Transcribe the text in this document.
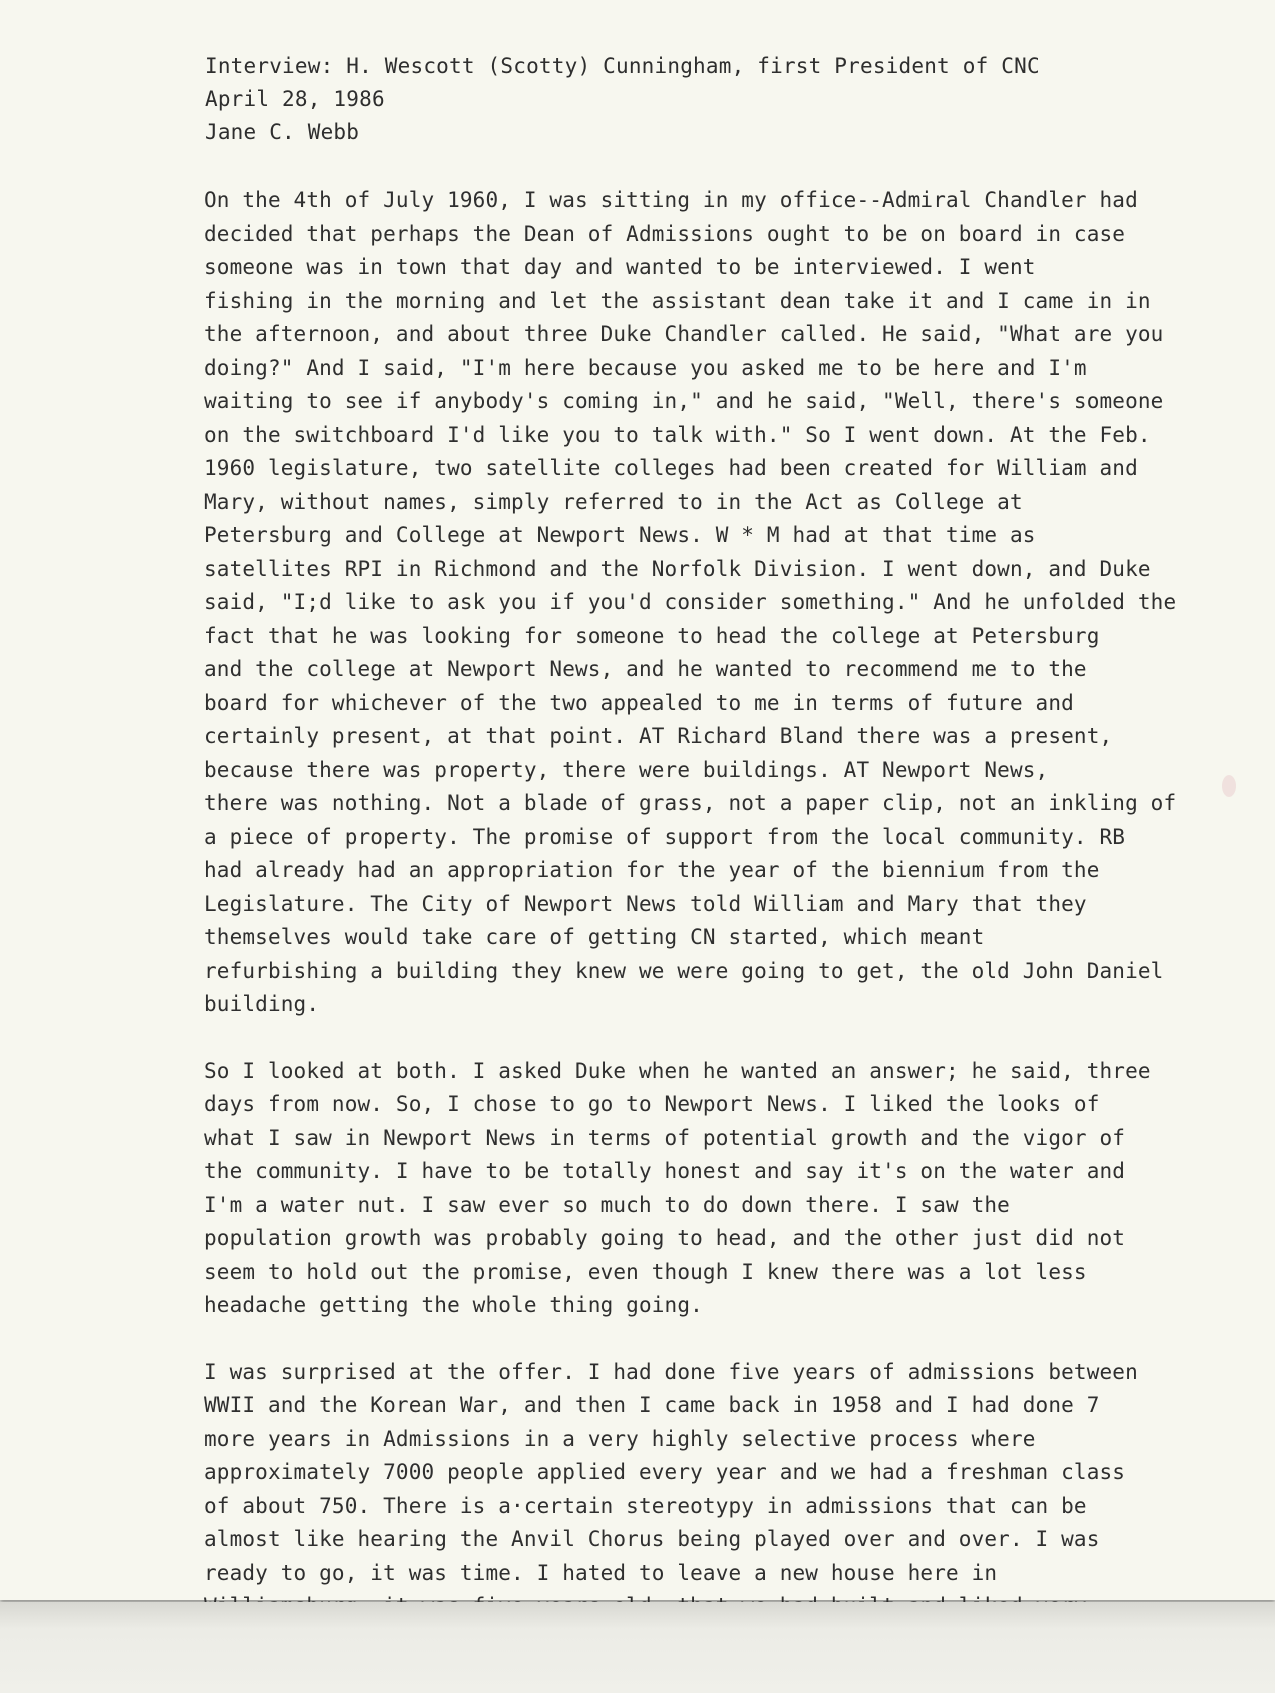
Interview: H. Wescott (Scotty) Cunningham, first President of CNC
April 28, 1986
Jane C. Webb
On the 4th of July 1960, I was sitting in my office--Admiral Chandler had
decided that perhaps the Dean of Admissions ought to be on board in case
someone was in town that day and wanted to be interviewed. I went
fishing in the morning and let the assistant dean take it and I came in in
the afternoon, and about three Duke Chandler called. He said, "What are you
doing?" And I said, "I'm here because you asked me to be here and I'm
waiting to see if anybody's coming in," and he said, "Well, there's someone
on the switchboard I'd like you to talk with." So I went down. At the Feb.
1960 legislature, two satellite colleges had been created for William and
Mary, without names, simply referred to in the Act as College at
Petersburg and College at Newport News. W * M had at that time as
satellites RPI in Richmond and the Norfolk Division. I went down, and Duke
said, "I;d like to ask you if you'd consider something." And he unfolded the
fact that he was looking for someone to head the college at Petersburg
and the college at Newport News, and he wanted to recommend me to the
board for whichever of the two appealed to me in terms of future and
certainly present, at that point. AT Richard Bland there was a present,
because there was property, there were buildings. AT Newport News,
there was nothing. Not a blade of grass, not a paper clip, not an inkling of
a piece of property. The promise of support from the local community. RB
had already had an appropriation for the year of the biennium from the
Legislature. The City of Newport News told William and Mary that they
themselves would take care of getting CN started, which meant
refurbishing a building they knew we were going to get, the old John Daniel
building.
So I looked at both. I asked Duke when he wanted an answer; he said, three
days from now. So, I chose to go to Newport News. I liked the looks of
what I saw in Newport News in terms of potential growth and the vigor of
the community. I have to be totally honest and say it's on the water and
I'm a water nut. I saw ever so much to do down there. I saw the
population growth was probably going to head, and the other just did not
seem to hold out the promise, even though I knew there was a lot less
headache getting the whole thing going.
I was surprised at the offer. I had done five years of admissions between
WWII and the Korean War, and then I came back in 1958 and I had done 7
more years in Admissions in a very highly selective process where
approximately 7000 people applied every year and we had a freshman class
of about 750. There is a·certain stereotypy in admissions that can be
almost like hearing the Anvil Chorus being played over and over. I was
ready to go, it was time. I hated to leave a new house here in
